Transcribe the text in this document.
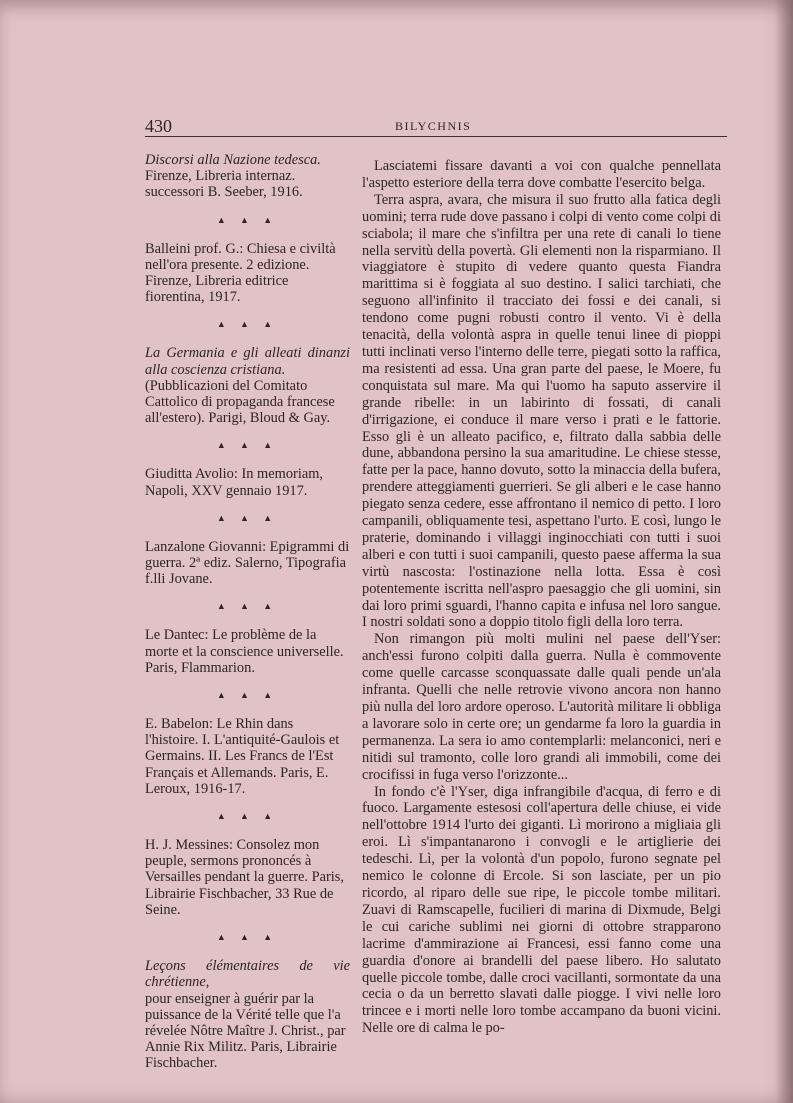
430	BILYCHNIS
Discorsi alla Nazione tedesca.
Firenze, Libreria internaz. successori B. Seeber, 1916.
▲ ▲ ▲
Balleini prof. G.: Chiesa e civiltà nell'ora presente. 2 edizione. Firenze, Libreria editrice fiorentina, 1917.
▲ ▲ ▲
La Germania e gli alleati dinanzi alla coscienza cristiana.
(Pubblicazioni del Comitato Cattolico di propaganda francese all'estero). Parigi, Bloud & Gay.
▲ ▲ ▲
Giuditta Avolio: In memoriam, Napoli, XXV gennaio 1917.
▲ ▲ ▲
Lanzalone Giovanni: Epigrammi di guerra. 2ª ediz. Salerno, Tipografia f.lli Jovane.
▲ ▲ ▲
Le Dantec: Le problème de la morte et la conscience universelle. Paris, Flammarion.
▲ ▲ ▲
E. Babelon: Le Rhin dans l'histoire. I. L'antiquité-Gaulois et Germains. II. Les Francs de l'Est Français et Allemands. Paris, E. Leroux, 1916-17.
▲ ▲ ▲
H. J. Messines: Consolez mon peuple, sermons prononcés à Versailles pendant la guerre. Paris, Librairie Fischbacher, 33 Rue de Seine.
▲ ▲ ▲
Leçons élémentaires de vie chrétienne,
pour enseigner à guérir par la puissance de la Vérité telle que l'a révelée Nôtre Maître J. Christ., par Annie Rix Militz. Paris, Librairie Fischbacher.

Lasciatemi fissare davanti a voi con qualche pennellata l'aspetto esteriore della terra dove combatte l'esercito belga.

Terra aspra, avara, che misura il suo frutto alla fatica degli uomini; terra rude dove passano i colpi di vento come colpi di sciabola; il mare che s'infiltra per una rete di canali lo tiene nella servitù della povertà. Gli elementi non la risparmiano. Il viaggiatore è stupito di vedere quanto questa Fiandra marittima si è foggiata al suo destino. I salici tarchiati, che seguono all'infinito il tracciato dei fossi e dei canali, si tendono come pugni robusti contro il vento. Vi è della tenacità, della volontà aspra in quelle tenui linee di pioppi tutti inclinati verso l'interno delle terre, piegati sotto la raffica, ma resistenti ad essa. Una gran parte del paese, le Moere, fu conquistata sul mare. Ma qui l'uomo ha saputo asservire il grande ribelle: in un labirinto di fossati, di canali d'irrigazione, ei conduce il mare verso i prati e le fattorie. Esso gli è un alleato pacifico, e, filtrato dalla sabbia delle dune, abbandona persino la sua amaritudine. Le chiese stesse, fatte per la pace, hanno dovuto, sotto la minaccia della bufera, prendere atteggiamenti guerrieri. Se gli alberi e le case hanno piegato senza cedere, esse affrontano il nemico di petto. I loro campanili, obliquamente tesi, aspettano l'urto. E così, lungo le praterie, dominando i villaggi inginocchiati con tutti i suoi alberi e con tutti i suoi campanili, questo paese afferma la sua virtù nascosta: l'ostinazione nella lotta. Essa è così potentemente iscritta nell'aspro paesaggio che gli uomini, sin dai loro primi sguardi, l'hanno capita e infusa nel loro sangue. I nostri soldati sono a doppio titolo figli della loro terra.

Non rimangon più molti mulini nel paese dell'Yser: anch'essi furono colpiti dalla guerra. Nulla è commovente come quelle carcasse sconquassate dalle quali pende un'ala infranta. Quelli che nelle retrovie vivono ancora non hanno più nulla del loro ardore operoso. L'autorità militare li obbliga a lavorare solo in certe ore; un gendarme fa loro la guardia in permanenza. La sera io amo contemplarli: melanconici, neri e nitidi sul tramonto, colle loro grandi ali immobili, come dei crocifissi in fuga verso l'orizzonte...

In fondo c'è l'Yser, diga infrangibile d'acqua, di ferro e di fuoco. Largamente estesosi coll'apertura delle chiuse, ei vide nell'ottobre 1914 l'urto dei giganti. Lì morirono a migliaia gli eroi. Lì s'impantanarono i convogli e le artiglierie dei tedeschi. Lì, per la volontà d'un popolo, furono segnate pel nemico le colonne di Ercole. Si son lasciate, per un pio ricordo, al riparo delle sue ripe, le piccole tombe militari. Zuavi di Ramscapelle, fucilieri di marina di Dixmude, Belgi le cui cariche sublimi nei giorni di ottobre strapparono lacrime d'ammirazione ai Francesi, essi fanno come una guardia d'onore ai brandelli del paese libero. Ho salutato quelle piccole tombe, dalle croci vacillanti, sormontate da una cecia o da un berretto slavati dalle piogge. I vivi nelle loro trincee e i morti nelle loro tombe accampano da buoni vicini. Nelle ore di calma le po-
